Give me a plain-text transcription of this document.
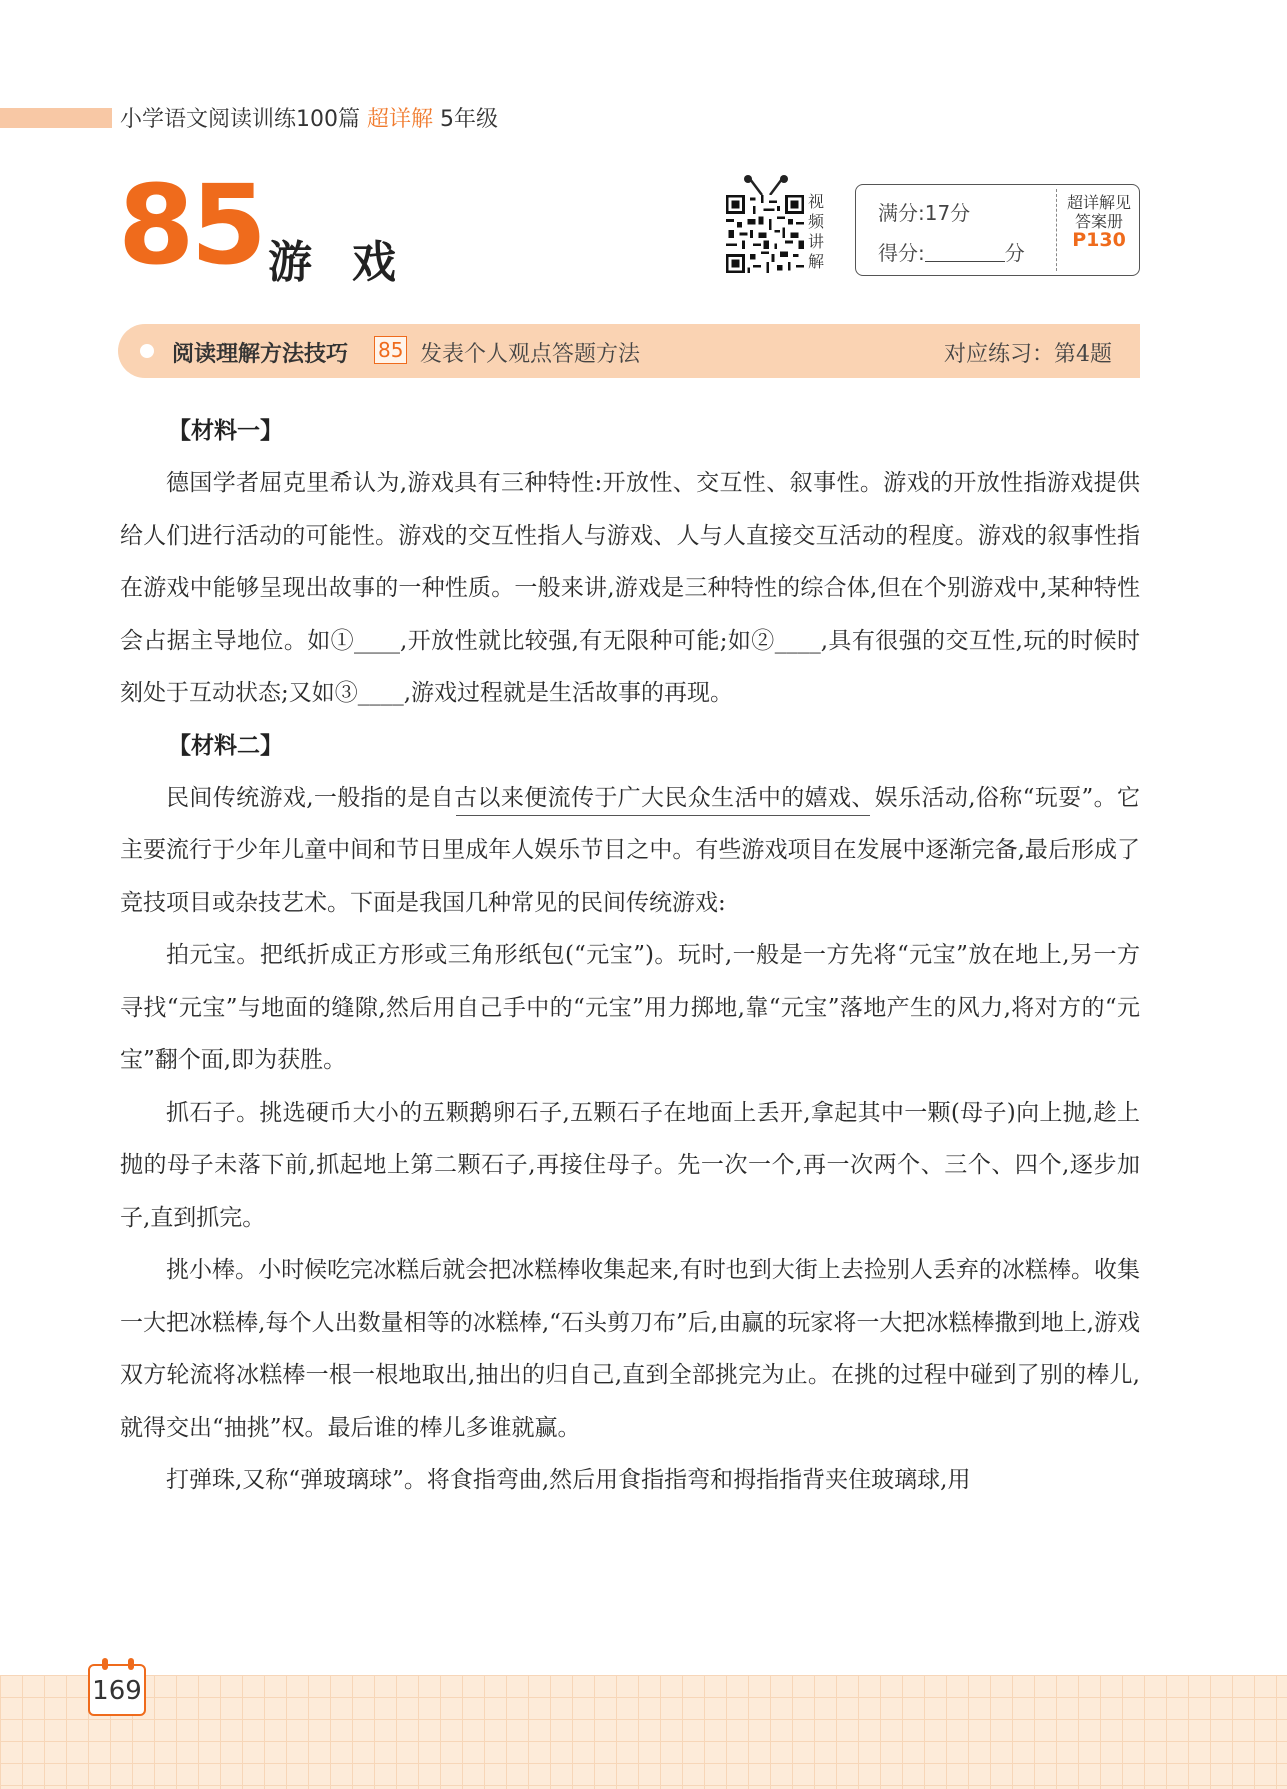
小学语文阅读训练100篇 超详解 5年级
85 游戏
视频讲解
满分:17分
得分:	分
超详解见
答案册
P130
阅读理解方法技巧 85 发表个人观点答题方法	对应练习：第4题
【材料一】

德国学者屈克里希认为,游戏具有三种特性:开放性、交互性、叙事性。游戏的开放性指游戏提供给人们进行活动的可能性。游戏的交互性指人与游戏、人与人直接交互活动的程度。游戏的叙事性指在游戏中能够呈现出故事的一种性质。一般来讲,游戏是三种特性的综合体,但在个别游戏中,某种特性会占据主导地位。如①____,开放性就比较强,有无限种可能;如②____,具有很强的交互性,玩的时候时刻处于互动状态;又如③____,游戏过程就是生活故事的再现。

【材料二】

民间传统游戏,一般指的是自古以来便流传于广大民众生活中的嬉戏、娱乐活动,俗称“玩耍”。它主要流行于少年儿童中间和节日里成年人娱乐节目之中。有些游戏项目在发展中逐渐完备,最后形成了竞技项目或杂技艺术。下面是我国几种常见的民间传统游戏:

拍元宝。把纸折成正方形或三角形纸包(“元宝”)。玩时,一般是一方先将“元宝”放在地上,另一方寻找“元宝”与地面的缝隙,然后用自己手中的“元宝”用力掷地,靠“元宝”落地产生的风力,将对方的“元宝”翻个面,即为获胜。

抓石子。挑选硬币大小的五颗鹅卵石子,五颗石子在地面上丢开,拿起其中一颗(母子)向上抛,趁上抛的母子未落下前,抓起地上第二颗石子,再接住母子。先一次一个,再一次两个、三个、四个,逐步加子,直到抓完。

挑小棒。小时候吃完冰糕后就会把冰糕棒收集起来,有时也到大街上去捡别人丢弃的冰糕棒。收集一大把冰糕棒,每个人出数量相等的冰糕棒,“石头剪刀布”后,由赢的玩家将一大把冰糕棒撒到地上,游戏双方轮流将冰糕棒一根一根地取出,抽出的归自己,直到全部挑完为止。在挑的过程中碰到了别的棒儿,就得交出“抽挑”权。最后谁的棒儿多谁就赢。

打弹珠,又称“弹玻璃球”。将食指弯曲,然后用食指指弯和拇指指背夹住玻璃球,用

169
